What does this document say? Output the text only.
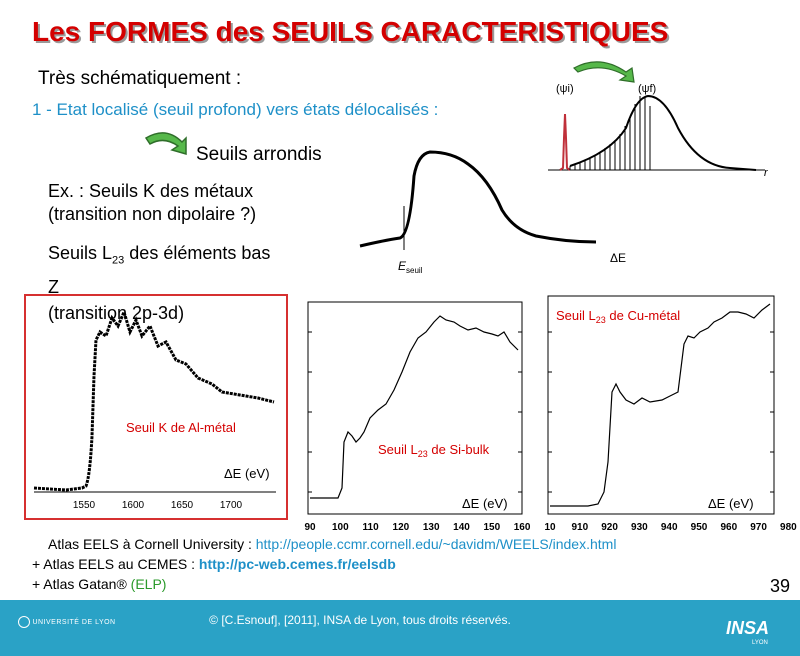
Les FORMES des SEUILS CARACTERISTIQUES
Très schématiquement :
1 - Etat localisé (seuil profond) vers états délocalisés :
Seuils arrondis
Ex. : Seuils K des métaux
(transition non dipolaire ?)
Seuils $L_{23}$ des éléments bas
Z
(transition 2p-3d)
(ψi)	(ψf)
r
$E_{seuil}$
ΔE
Seuil K de Al-métal
ΔE (eV)
1550	1600	1650	1700
Seuil $L_{23}$ de Si-bulk
ΔE (eV)
90 100 110 120 130 140 150 160
Seuil $L_{23}$ de Cu-métal
ΔE (eV)
10 910 920 930 940 950 960 970 980
Atlas EELS à Cornell University : http://people.ccmr.cornell.edu/~davidm/WEELS/index.html
+ Atlas EELS au CEMES : http://pc-web.cemes.fr/eelsdb
+ Atlas Gatan® (ELP)	39
© [C.Esnouf], [2011], INSA de Lyon, tous droits réservés.
UNIVERSITÉ DE LYON	INSA
LYON
